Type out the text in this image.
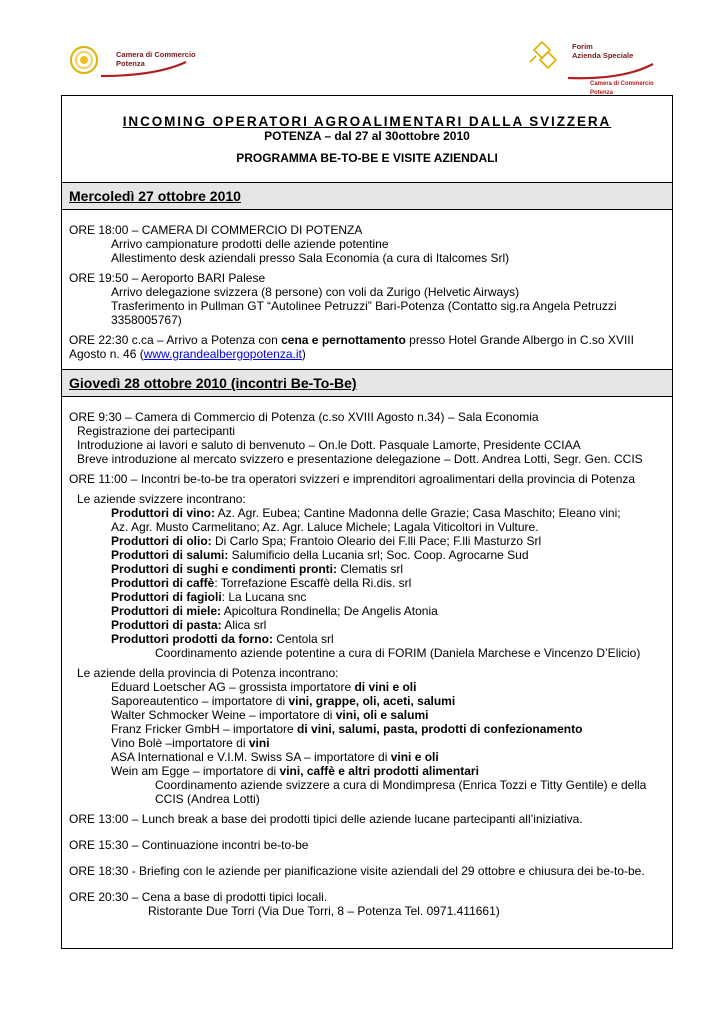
Camera di Commercio
Potenza
Forim
Azienda Speciale
Camera di Commercio Potenza
INCOMING OPERATORI AGROALIMENTARI DALLA SVIZZERA
POTENZA – dal 27 al 30ottobre 2010
PROGRAMMA BE-TO-BE E VISITE AZIENDALI
Mercoledì 27 ottobre 2010
ORE 18:00 – CAMERA DI COMMERCIO DI POTENZA
Arrivo campionature prodotti delle aziende potentine
Allestimento desk aziendali presso Sala Economia (a cura di Italcomes Srl)
ORE 19:50 – Aeroporto BARI Palese
Arrivo delegazione svizzera (8 persone) con voli da Zurigo (Helvetic Airways)
Trasferimento in Pullman GT “Autolinee Petruzzi” Bari-Potenza (Contatto sig.ra Angela Petruzzi
3358005767)
ORE 22:30 c.ca – Arrivo a Potenza con cena e pernottamento presso Hotel Grande Albergo in C.so XVIII
Agosto n. 46 (www.grandealbergopotenza.it)
Giovedì 28 ottobre 2010 (incontri Be-To-Be)
ORE 9:30 – Camera di Commercio di Potenza (c.so XVIII Agosto n.34) – Sala Economia
Registrazione dei partecipanti
Introduzione ai lavori e saluto di benvenuto – On.le Dott. Pasquale Lamorte, Presidente CCIAA
Breve introduzione al mercato svizzero e presentazione delegazione – Dott. Andrea Lotti, Segr. Gen. CCIS
ORE 11:00 – Incontri be-to-be tra operatori svizzeri e imprenditori agroalimentari della provincia di Potenza
Le aziende svizzere incontrano:
Produttori di vino: Az. Agr. Eubea; Cantine Madonna delle Grazie; Casa Maschito; Eleano vini;
Az. Agr. Musto Carmelitano; Az. Agr. Laluce Michele; Lagala Viticoltori in Vulture.
Produttori di olio: Di Carlo Spa; Frantoio Oleario dei F.lli Pace; F.lli Masturzo Srl
Produttori di salumi: Salumificio della Lucania srl; Soc. Coop. Agrocarne Sud
Produttori di sughi e condimenti pronti: Clematis srl
Produttori di caffè: Torrefazione Escaffè della Ri.dis. srl
Produttori di fagioli: La Lucana snc
Produttori di miele: Apicoltura Rondinella; De Angelis Atonia
Produttori di pasta: Alica srl
Produttori prodotti da forno: Centola srl
Coordinamento aziende potentine a cura di FORIM (Daniela Marchese e Vincenzo D’Elicio)
Le aziende della provincia di Potenza incontrano:
Eduard Loetscher AG – grossista importatore di vini e oli
Saporeautentico – importatore di vini, grappe, oli, aceti, salumi
Walter Schmocker Weine – importatore di vini, oli e salumi
Franz Fricker GmbH – importatore di vini, salumi, pasta, prodotti di confezionamento
Vino Bolè –importatore di vini
ASA International e V.I.M. Swiss SA – importatore di vini e oli
Wein am Egge – importatore di vini, caffè e altri prodotti alimentari
Coordinamento aziende svizzere a cura di Mondimpresa (Enrica Tozzi e Titty Gentile) e della
CCIS (Andrea Lotti)
ORE 13:00 – Lunch break a base dei prodotti tipici delle aziende lucane partecipanti all’iniziativa.
ORE 15:30 – Continuazione incontri be-to-be
ORE 18:30 - Briefing con le aziende per pianificazione visite aziendali del 29 ottobre e chiusura dei be-to-be.
ORE 20:30 – Cena a base di prodotti tipici locali.
Ristorante Due Torri (Via Due Torri, 8 – Potenza Tel. 0971.411661)
